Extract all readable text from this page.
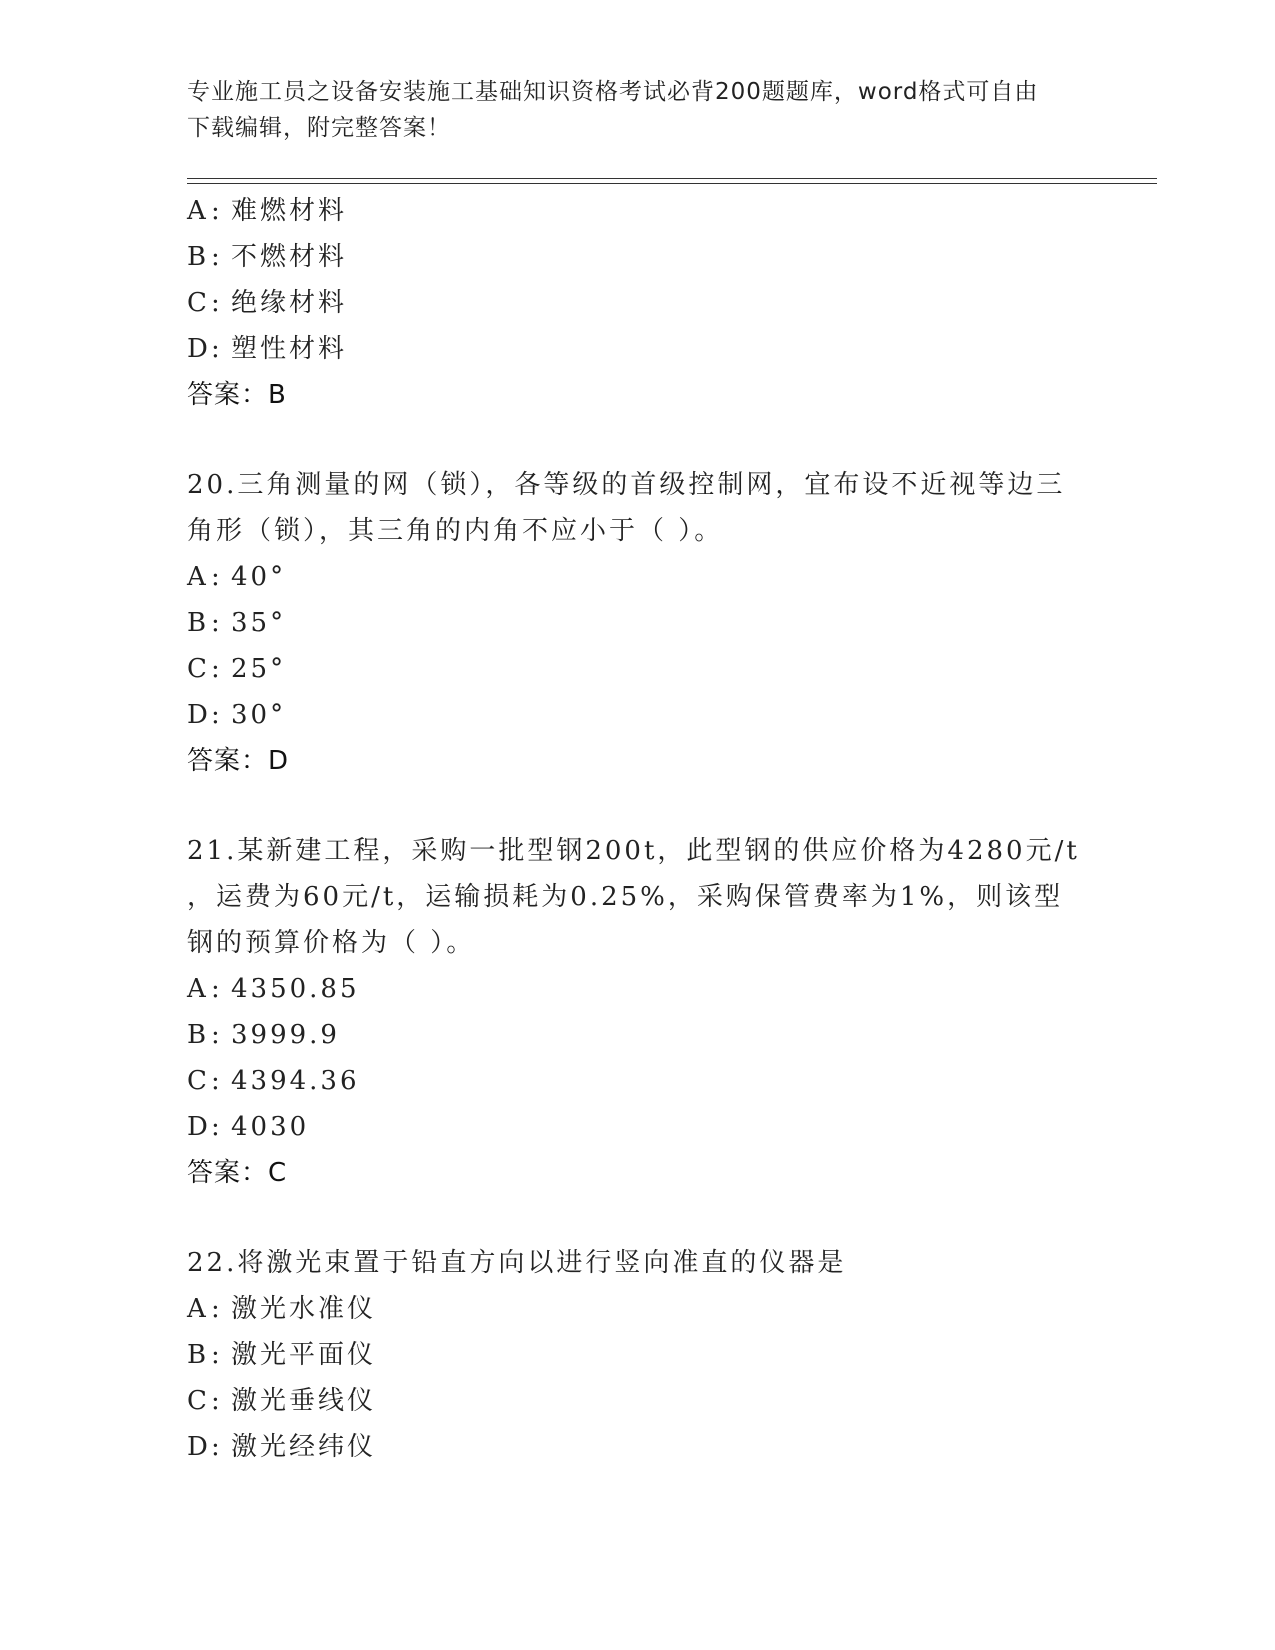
专业施工员之设备安装施工基础知识资格考试必背200题题库，word格式可自由
下载编辑，附完整答案！
A : 难燃材料
B : 不燃材料
C : 绝缘材料
D : 塑性材料
答案：B
20.三角测量的网（锁），各等级的首级控制网，宜布设不近视等边三
角形（锁），其三角的内角不应小于（ ）。
A : 40°
B : 35°
C : 25°
D : 30°
答案：D
21.某新建工程，采购一批型钢200t，此型钢的供应价格为4280元/t
，运费为60元/t，运输损耗为0.25%，采购保管费率为1%，则该型
钢的预算价格为（ ）。
A : 4350.85
B : 3999.9
C : 4394.36
D : 4030
答案：C
22.将激光束置于铅直方向以进行竖向准直的仪器是
A : 激光水准仪
B : 激光平面仪
C : 激光垂线仪
D : 激光经纬仪
